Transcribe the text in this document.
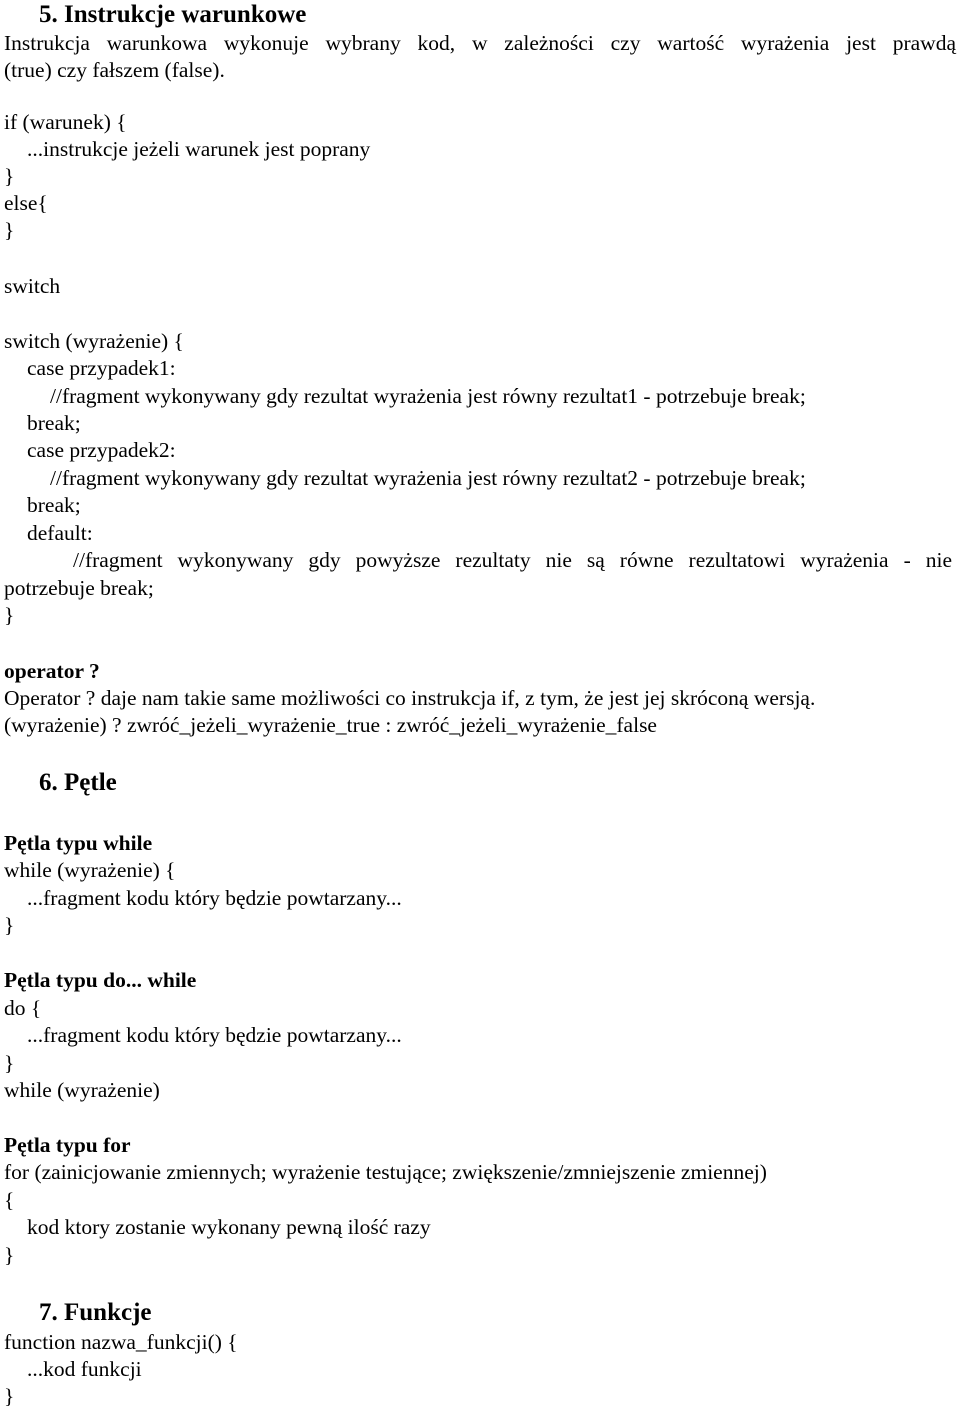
5. Instrukcje warunkowe
Instrukcja warunkowa wykonuje wybrany kod, w zależności czy wartość wyrażenia jest prawdą
(true) czy fałszem (false).
if (warunek) {
...instrukcje jeżeli warunek jest poprany
}
else{
}
switch
switch (wyrażenie) {
case przypadek1:
//fragment wykonywany gdy rezultat wyrażenia jest równy rezultat1 - potrzebuje break;
break;
case przypadek2:
//fragment wykonywany gdy rezultat wyrażenia jest równy rezultat2 - potrzebuje break;
break;
default:
//fragment wykonywany gdy powyższe rezultaty nie są równe rezultatowi wyrażenia - nie
potrzebuje break;
}
operator ?
Operator ? daje nam takie same możliwości co instrukcja if, z tym, że jest jej skróconą wersją.
(wyrażenie) ? zwróć_jeżeli_wyrażenie_true : zwróć_jeżeli_wyrażenie_false
6. Pętle
Pętla typu while
while (wyrażenie) {
...fragment kodu który będzie powtarzany...
}
Pętla typu do... while
do {
...fragment kodu który będzie powtarzany...
}
while (wyrażenie)
Pętla typu for
for (zainicjowanie zmiennych; wyrażenie testujące; zwiększenie/zmniejszenie zmiennej)
{
kod ktory zostanie wykonany pewną ilość razy
}
7. Funkcje
function nazwa_funkcji() {
...kod funkcji
}
